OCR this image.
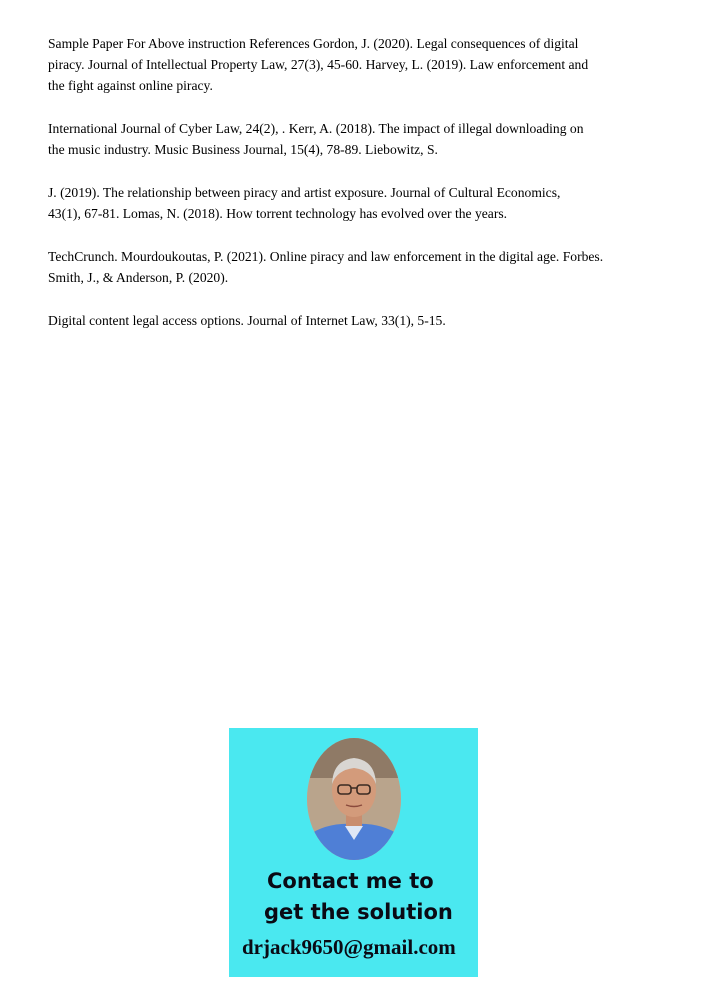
Sample Paper For Above instruction References Gordon, J. (2020). Legal consequences of digital
piracy. Journal of Intellectual Property Law, 27(3), 45-60. Harvey, L. (2019). Law enforcement and
the fight against online piracy.

International Journal of Cyber Law, 24(2), . Kerr, A. (2018). The impact of illegal downloading on
the music industry. Music Business Journal, 15(4), 78-89. Liebowitz, S.

J. (2019). The relationship between piracy and artist exposure. Journal of Cultural Economics,
43(1), 67-81. Lomas, N. (2018). How torrent technology has evolved over the years.

TechCrunch. Mourdoukoutas, P. (2021). Online piracy and law enforcement in the digital age. Forbes.
Smith, J., & Anderson, P. (2020).

Digital content legal access options. Journal of Internet Law, 33(1), 5-15.

Contact me to
get the solution
drjack9650@gmail.com
